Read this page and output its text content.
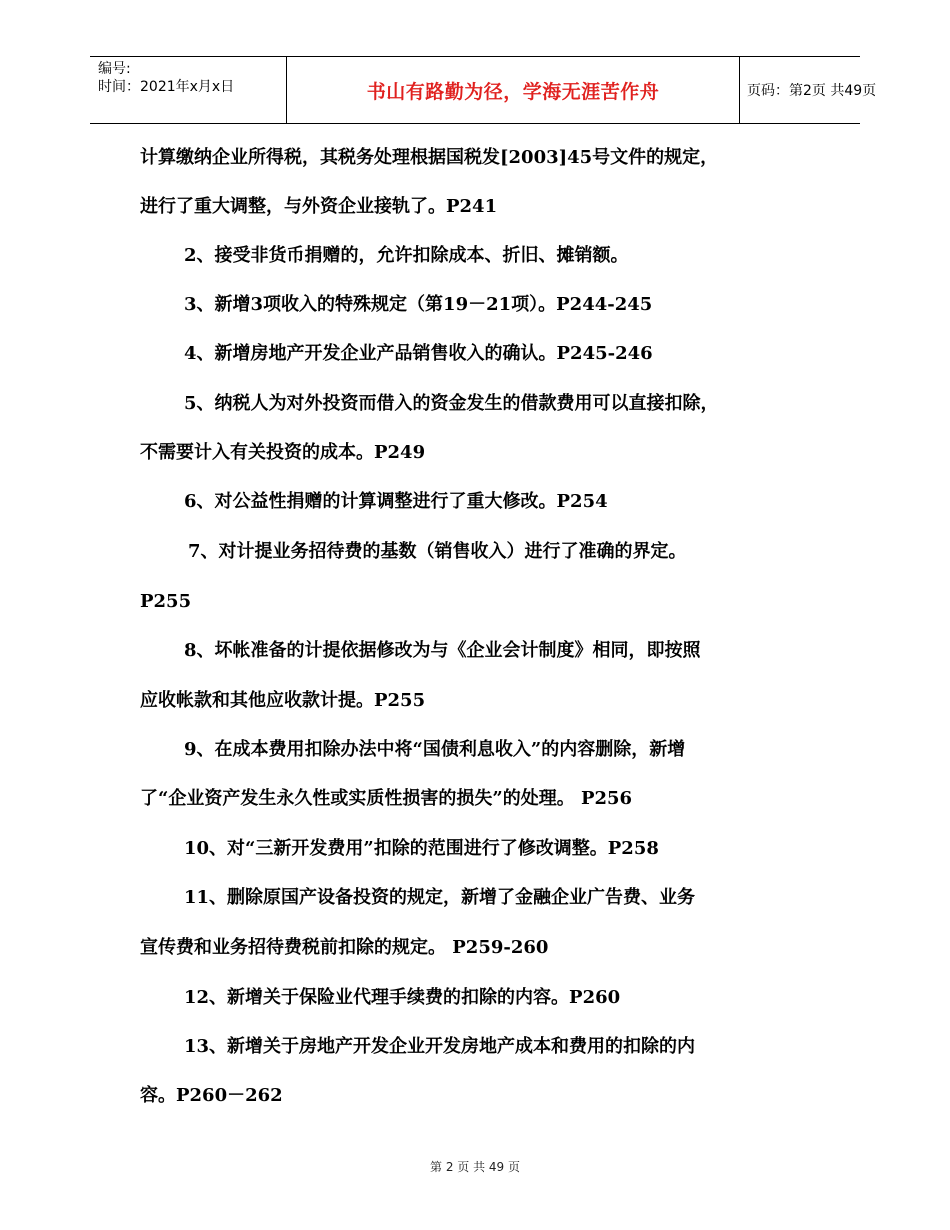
编号:
时间：2021年x月x日	书山有路勤为径，学海无涯苦作舟	页码：第2页 共49页
计算缴纳企业所得税，其税务处理根据国税发[2003]45号文件的规定，
进行了重大调整，与外资企业接轨了。P241
2、接受非货币捐赠的，允许扣除成本、折旧、摊销额。
3、新增3项收入的特殊规定（第19－21项）。P244-245
4、新增房地产开发企业产品销售收入的确认。P245-246
5、纳税人为对外投资而借入的资金发生的借款费用可以直接扣除，
不需要计入有关投资的成本。P249
6、对公益性捐赠的计算调整进行了重大修改。P254
7、对计提业务招待费的基数（销售收入）进行了准确的界定。
P255
8、坏帐准备的计提依据修改为与《企业会计制度》相同，即按照
应收帐款和其他应收款计提。P255
9、在成本费用扣除办法中将“国债利息收入”的内容删除，新增
了“企业资产发生永久性或实质性损害的损失”的处理。 P256
10、对“三新开发费用”扣除的范围进行了修改调整。P258
11、删除原国产设备投资的规定，新增了金融企业广告费、业务
宣传费和业务招待费税前扣除的规定。 P259-260
12、新增关于保险业代理手续费的扣除的内容。P260
13、新增关于房地产开发企业开发房地产成本和费用的扣除的内
容。P260－262
第 2 页 共 49 页
